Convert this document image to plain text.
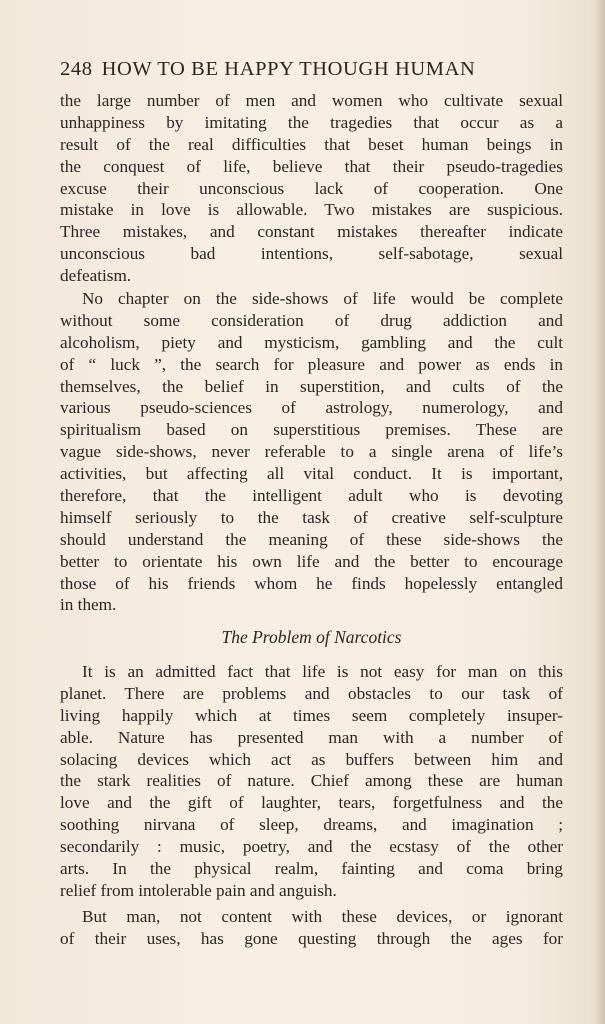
248 HOW TO BE HAPPY THOUGH HUMAN
the large number of men and women who cultivate sexual
unhappiness by imitating the tragedies that occur as a
result of the real difficulties that beset human beings in
the conquest of life, believe that their pseudo-tragedies
excuse their unconscious lack of cooperation. One
mistake in love is allowable. Two mistakes are suspicious.
Three mistakes, and constant mistakes thereafter indicate
unconscious bad intentions, self-sabotage, sexual
defeatism.
No chapter on the side-shows of life would be complete
without some consideration of drug addiction and
alcoholism, piety and mysticism, gambling and the cult
of “ luck ”, the search for pleasure and power as ends in
themselves, the belief in superstition, and cults of the
various pseudo-sciences of astrology, numerology, and
spiritualism based on superstitious premises. These are
vague side-shows, never referable to a single arena of life’s
activities, but affecting all vital conduct. It is important,
therefore, that the intelligent adult who is devoting
himself seriously to the task of creative self-sculpture
should understand the meaning of these side-shows the
better to orientate his own life and the better to encourage
those of his friends whom he finds hopelessly entangled
in them.
The Problem of Narcotics
It is an admitted fact that life is not easy for man on this
planet. There are problems and obstacles to our task of
living happily which at times seem completely insuper-
able. Nature has presented man with a number of
solacing devices which act as buffers between him and
the stark realities of nature. Chief among these are human
love and the gift of laughter, tears, forgetfulness and the
soothing nirvana of sleep, dreams, and imagination ;
secondarily : music, poetry, and the ecstasy of the other
arts. In the physical realm, fainting and coma bring
relief from intolerable pain and anguish.
But man, not content with these devices, or ignorant
of their uses, has gone questing through the ages for
